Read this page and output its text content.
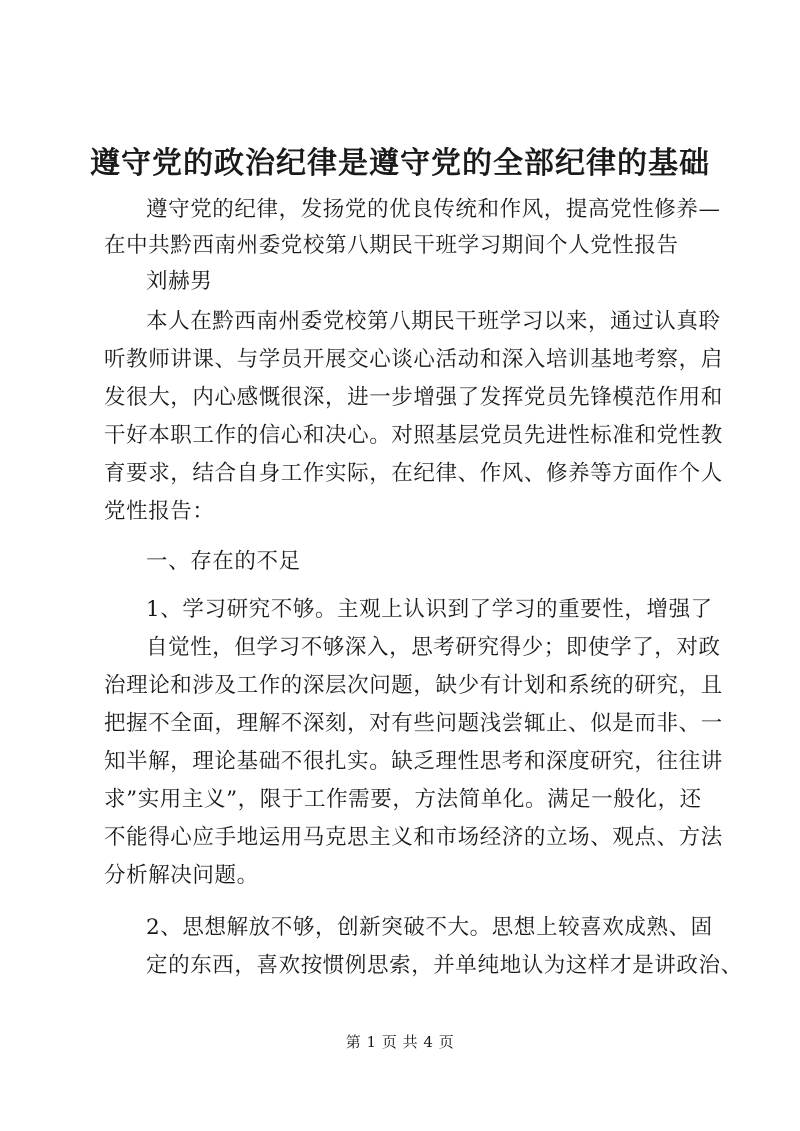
遵守党的政治纪律是遵守党的全部纪律的基础

遵守党的纪律，发扬党的优良传统和作风，提高党性修养—

在中共黔西南州委党校第八期民干班学习期间个人党性报告

刘赫男

本人在黔西南州委党校第八期民干班学习以来，通过认真聆

听教师讲课、与学员开展交心谈心活动和深入培训基地考察，启

发很大，内心感慨很深，进一步增强了发挥党员先锋模范作用和

干好本职工作的信心和决心。对照基层党员先进性标准和党性教

育要求，结合自身工作实际，在纪律、作风、修养等方面作个人

党性报告：

一、存在的不足

1、学习研究不够。主观上认识到了学习的重要性，增强了

自觉性，但学习不够深入，思考研究得少；即使学了，对政

治理论和涉及工作的深层次问题，缺少有计划和系统的研究，且

把握不全面，理解不深刻，对有些问题浅尝辄止、似是而非、一

知半解，理论基础不很扎实。缺乏理性思考和深度研究，往往讲

求”实用主义”，限于工作需要，方法简单化。满足一般化，还

不能得心应手地运用马克思主义和市场经济的立场、观点、方法

分析解决问题。

2、思想解放不够，创新突破不大。思想上较喜欢成熟、固

定的东西，喜欢按惯例思索，并单纯地认为这样才是讲政治、

第 1 页 共 4 页
